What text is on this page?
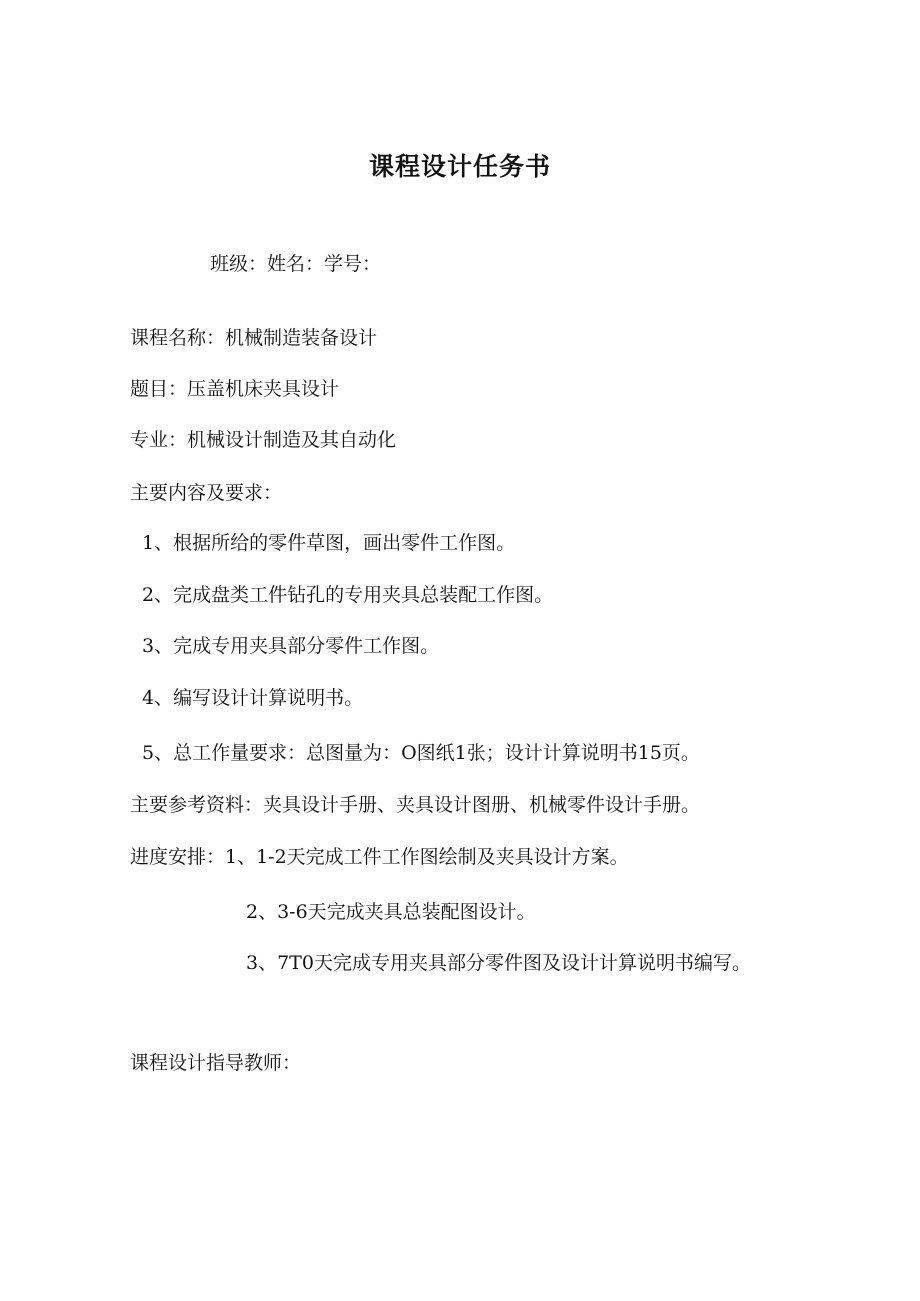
课程设计任务书
班级：姓名：学号：
课程名称：机械制造装备设计
题目：压盖机床夹具设计
专业：机械设计制造及其自动化
主要内容及要求：
1、根据所给的零件草图，画出零件工作图。
2、完成盘类工件钻孔的专用夹具总装配工作图。
3、完成专用夹具部分零件工作图。
4、编写设计计算说明书。
5、总工作量要求：总图量为：O图纸1张；设计计算说明书15页。
主要参考资料：夹具设计手册、夹具设计图册、机械零件设计手册。
进度安排：1、1-2天完成工件工作图绘制及夹具设计方案。
2、3-6天完成夹具总装配图设计。
3、7T0天完成专用夹具部分零件图及设计计算说明书编写。
课程设计指导教师：
